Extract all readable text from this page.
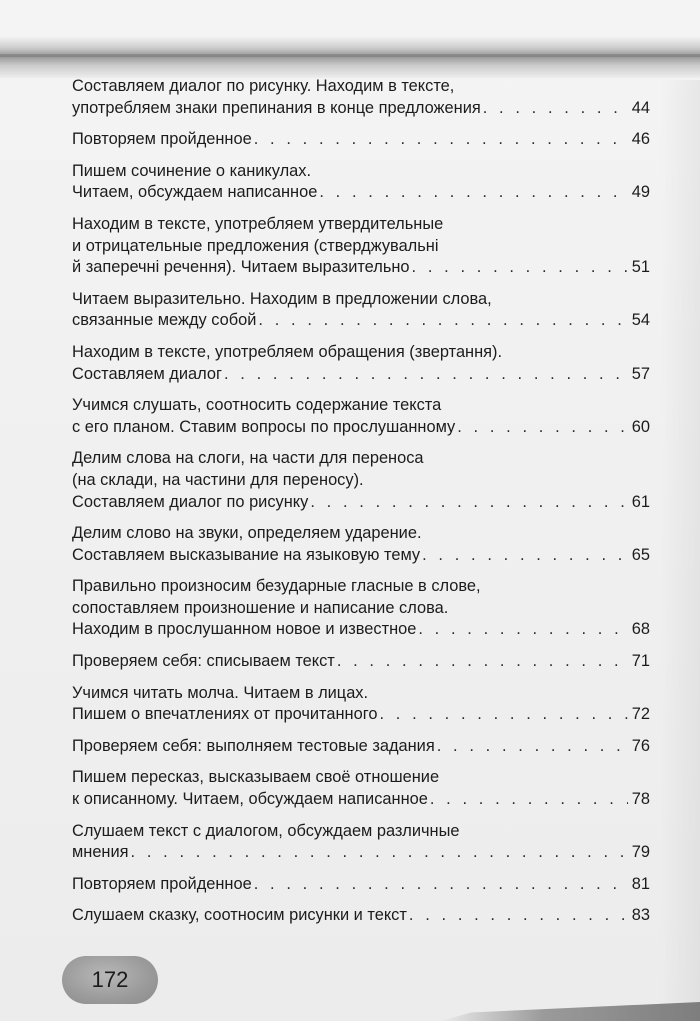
Составляем диалог по рисунку. Находим в тексте,
употребляем знаки препинания в конце предложения . . .	44
Повторяем пройденное . . .	46
Пишем сочинение о каникулах.
Читаем, обсуждаем написанное . . .	49
Находим в тексте, употребляем утвердительные
и отрицательные предложения (стверджувальні
й заперечні речення). Читаем выразительно . . .	51
Читаем выразительно. Находим в предложении слова,
связанные между собой . . .	54
Находим в тексте, употребляем обращения (звертання).
Составляем диалог . . .	57
Учимся слушать, соотносить содержание текста
с его планом. Ставим вопросы по прослушанному . . .	60
Делим слова на слоги, на части для переноса
(на склади, на частини для переносу).
Составляем диалог по рисунку . . .	61
Делим слово на звуки, определяем ударение.
Составляем высказывание на языковую тему . . .	65
Правильно произносим безударные гласные в слове,
сопоставляем произношение и написание слова.
Находим в прослушанном новое и известное . . .	68
Проверяем себя: списываем текст . . .	71
Учимся читать молча. Читаем в лицах.
Пишем о впечатлениях от прочитанного . . .	72
Проверяем себя: выполняем тестовые задания . . .	76
Пишем пересказ, высказываем своё отношение
к описанному. Читаем, обсуждаем написанное . . .	78
Слушаем текст с диалогом, обсуждаем различные
мнения . . .	79
Повторяем пройденное . . .	81
Слушаем сказку, соотносим рисунки и текст . . .	83
172
